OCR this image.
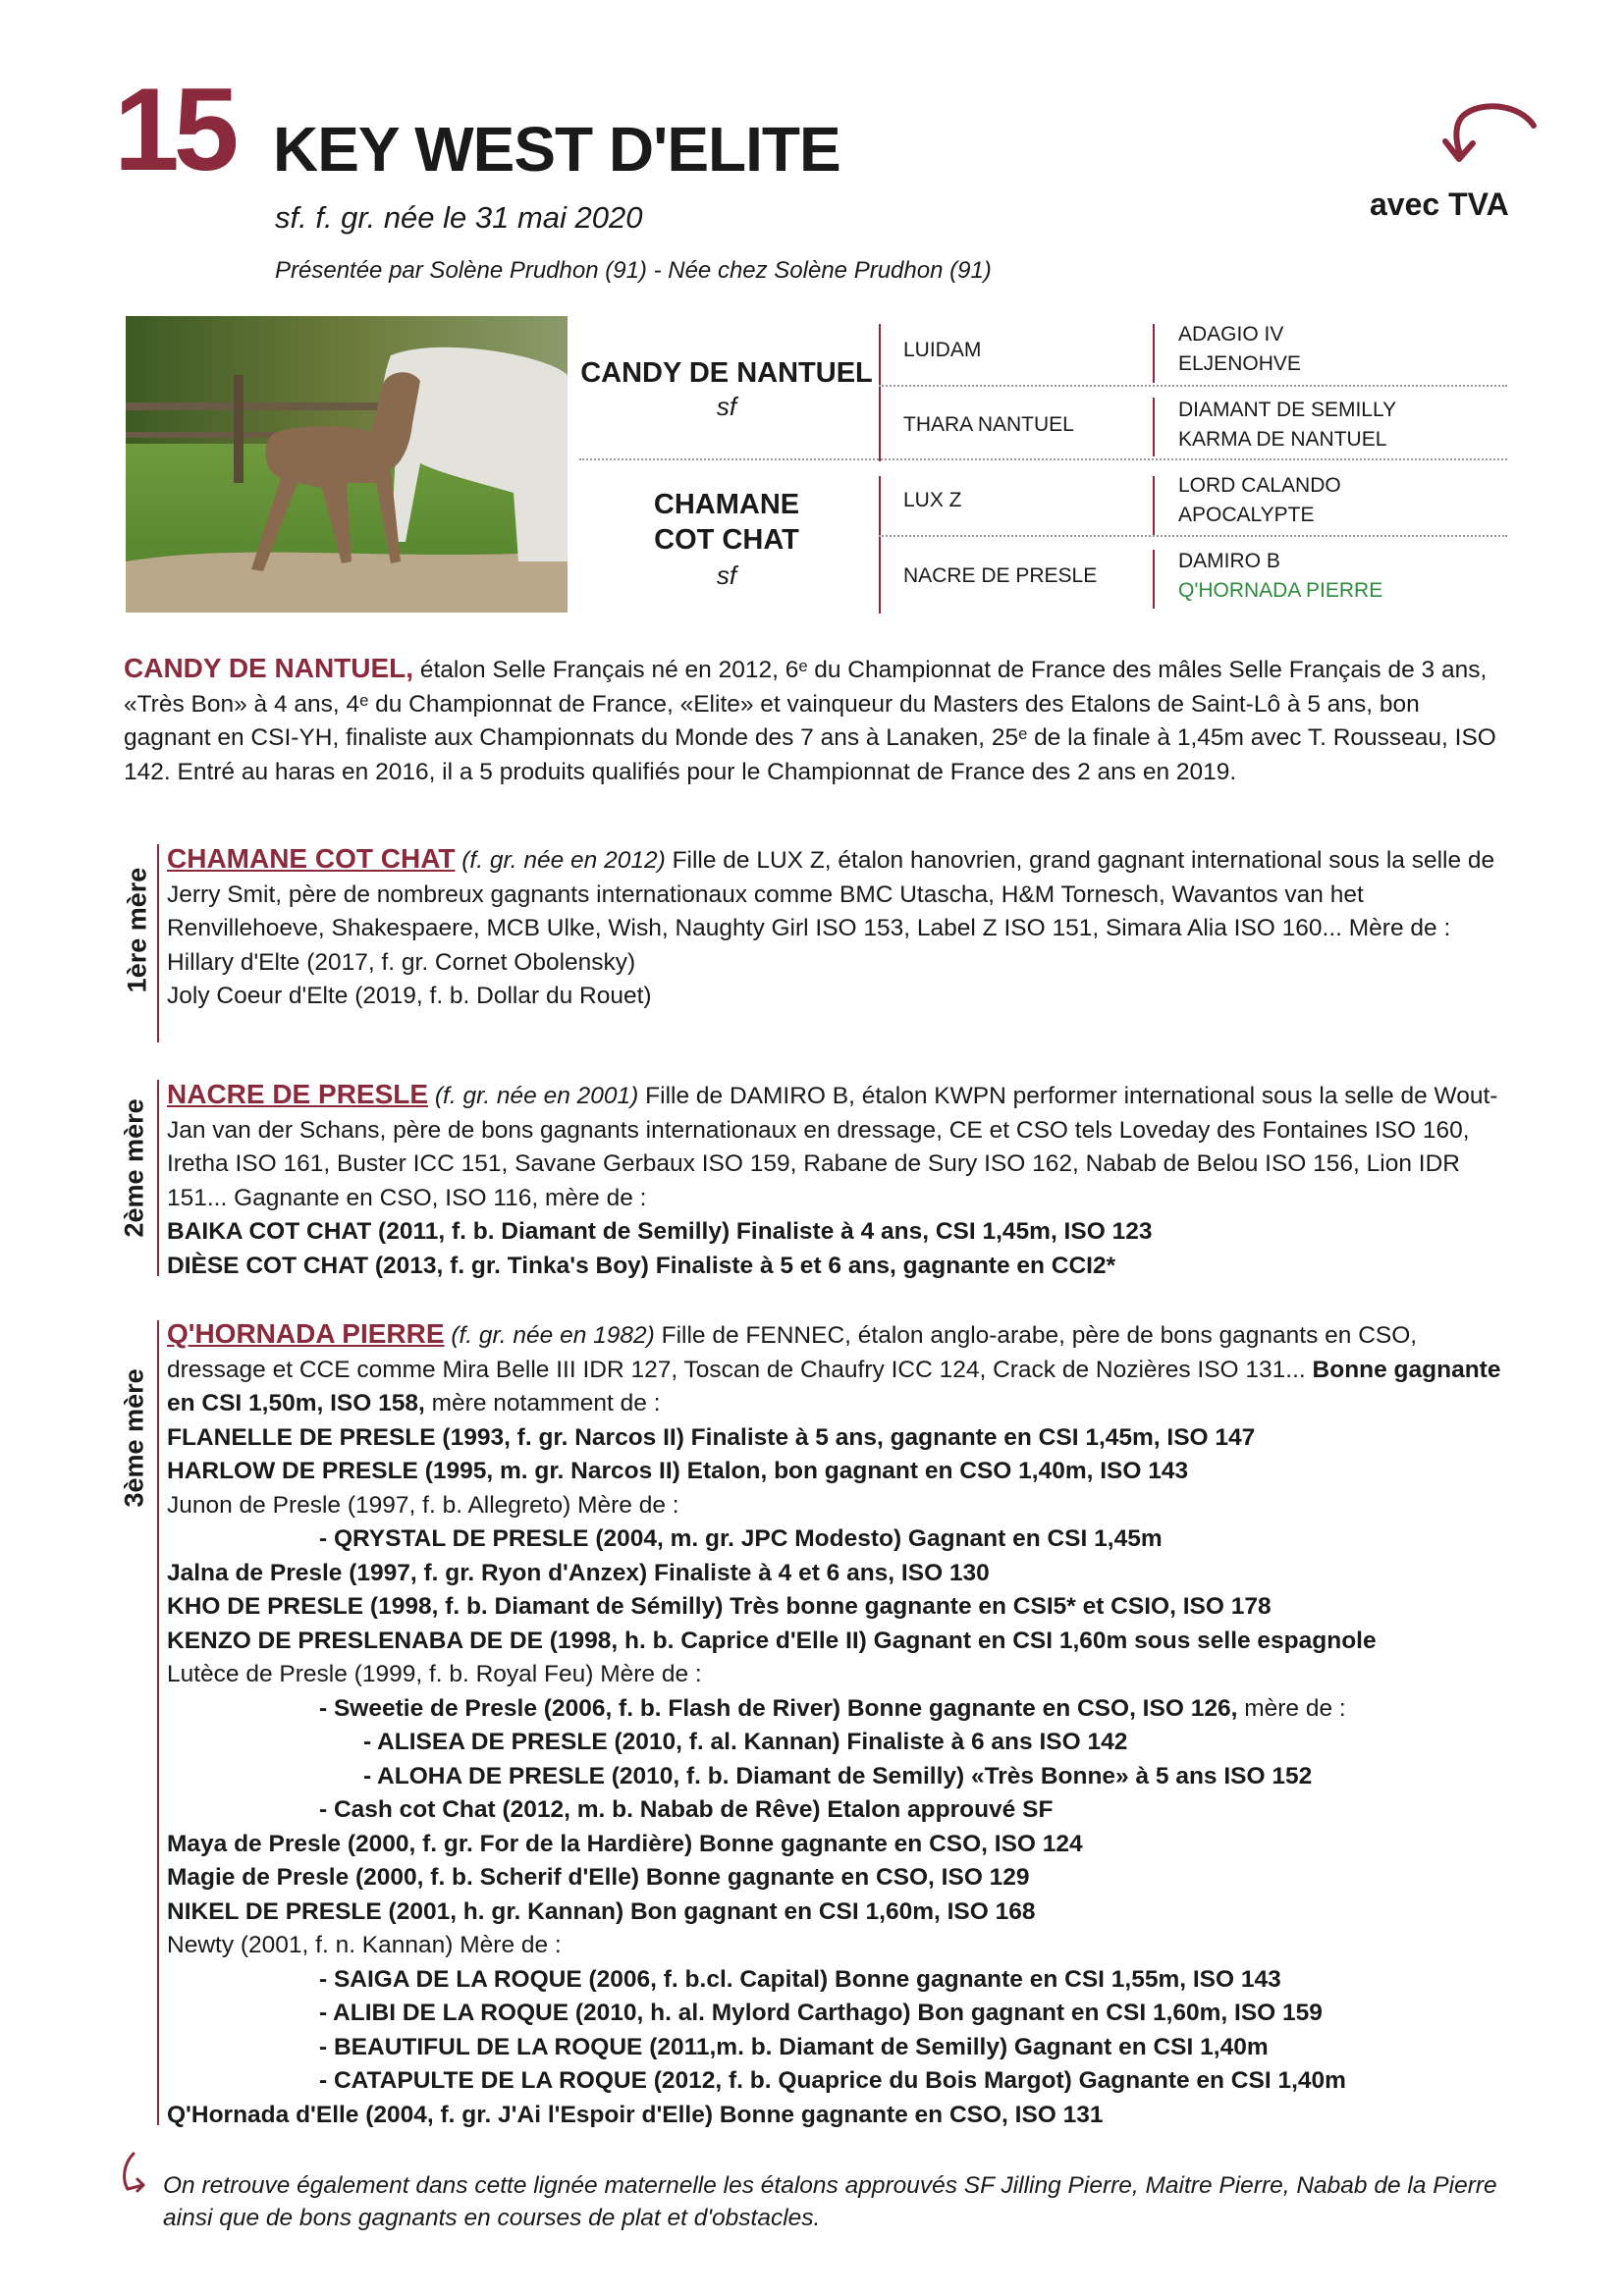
15 KEY WEST D'ELITE
sf. f. gr. née le 31 mai 2020
Présentée par Solène Prudhon (91) - Née chez Solène Prudhon (91)
avec TVA
CANDY DE NANTUEL
sf
CHAMANE
COT CHAT
sf
LUIDAM
THARA NANTUEL
LUX Z
NACRE DE PRESLE
ADAGIO IV
ELJENOHVE
DIAMANT DE SEMILLY
KARMA DE NANTUEL
LORD CALANDO
APOCALYPTE
DAMIRO B
Q'HORNADA PIERRE
CANDY DE NANTUEL, étalon Selle Français né en 2012, 6ᵉ du Championnat de France des mâles Selle Français de 3 ans, «Très Bon» à 4 ans, 4ᵉ du Championnat de France, «Elite» et vainqueur du Masters des Etalons de Saint-Lô à 5 ans, bon gagnant en CSI-YH, finaliste aux Championnats du Monde des 7 ans à Lanaken, 25ᵉ de la finale à 1,45m avec T. Rousseau, ISO 142. Entré au haras en 2016, il a 5 produits qualifiés pour le Championnat de France des 2 ans en 2019.
1ère mère

CHAMANE COT CHAT (f. gr. née en 2012) Fille de LUX Z, étalon hanovrien, grand gagnant international sous la selle de Jerry Smit, père de nombreux gagnants internationaux comme BMC Utascha, H&M Tornesch, Wavantos van het Renvillehoeve, Shakespaere, MCB Ulke, Wish, Naughty Girl ISO 153, Label Z ISO 151, Simara Alia ISO 160... Mère de :

Hillary d'Elte (2017, f. gr. Cornet Obolensky)

Joly Coeur d'Elte (2019, f. b. Dollar du Rouet)

2ème mère

NACRE DE PRESLE (f. gr. née en 2001) Fille de DAMIRO B, étalon KWPN performer international sous la selle de Wout-Jan van der Schans, père de bons gagnants internationaux en dressage, CE et CSO tels Loveday des Fontaines ISO 160, Iretha ISO 161, Buster ICC 151, Savane Gerbaux ISO 159, Rabane de Sury ISO 162, Nabab de Belou ISO 156, Lion IDR 151... Gagnante en CSO, ISO 116, mère de :

BAIKA COT CHAT (2011, f. b. Diamant de Semilly) Finaliste à 4 ans, CSI 1,45m, ISO 123

DIÈSE COT CHAT (2013, f. gr. Tinka's Boy) Finaliste à 5 et 6 ans, gagnante en CCI2*

3ème mère

Q'HORNADA PIERRE (f. gr. née en 1982) Fille de FENNEC, étalon anglo-arabe, père de bons gagnants en CSO, dressage et CCE comme Mira Belle III IDR 127, Toscan de Chaufry ICC 124, Crack de Nozières ISO 131... Bonne gagnante en CSI 1,50m, ISO 158, mère notamment de :

FLANELLE DE PRESLE (1993, f. gr. Narcos II) Finaliste à 5 ans, gagnante en CSI 1,45m, ISO 147

HARLOW DE PRESLE (1995, m. gr. Narcos II) Etalon, bon gagnant en CSO 1,40m, ISO 143

Junon de Presle (1997, f. b. Allegreto) Mère de :

- QRYSTAL DE PRESLE (2004, m. gr. JPC Modesto) Gagnant en CSI 1,45m

Jalna de Presle (1997, f. gr. Ryon d'Anzex) Finaliste à 4 et 6 ans, ISO 130

KHO DE PRESLE (1998, f. b. Diamant de Sémilly) Très bonne gagnante en CSI5* et CSIO, ISO 178

KENZO DE PRESLENABA DE DE (1998, h. b. Caprice d'Elle II) Gagnant en CSI 1,60m sous selle espagnole

Lutèce de Presle (1999, f. b. Royal Feu) Mère de :

- Sweetie de Presle (2006, f. b. Flash de River) Bonne gagnante en CSO, ISO 126, mère de :

- ALISEA DE PRESLE (2010, f. al. Kannan) Finaliste à 6 ans ISO 142

- ALOHA DE PRESLE (2010, f. b. Diamant de Semilly) «Très Bonne» à 5 ans ISO 152

- Cash cot Chat (2012, m. b. Nabab de Rêve) Etalon approuvé SF

Maya de Presle (2000, f. gr. For de la Hardière) Bonne gagnante en CSO, ISO 124

Magie de Presle (2000, f. b. Scherif d'Elle) Bonne gagnante en CSO, ISO 129

NIKEL DE PRESLE (2001, h. gr. Kannan) Bon gagnant en CSI 1,60m, ISO 168

Newty (2001, f. n. Kannan) Mère de :

- SAIGA DE LA ROQUE (2006, f. b.cl. Capital) Bonne gagnante en CSI 1,55m, ISO 143

- ALIBI DE LA ROQUE (2010, h. al. Mylord Carthago) Bon gagnant en CSI 1,60m, ISO 159

- BEAUTIFUL DE LA ROQUE (2011,m. b. Diamant de Semilly) Gagnant en CSI 1,40m

- CATAPULTE DE LA ROQUE (2012, f. b. Quaprice du Bois Margot) Gagnante en CSI 1,40m

Q'Hornada d'Elle (2004, f. gr. J'Ai l'Espoir d'Elle) Bonne gagnante en CSO, ISO 131

On retrouve également dans cette lignée maternelle les étalons approuvés SF Jilling Pierre, Maitre Pierre, Nabab de la Pierre ainsi que de bons gagnants en courses de plat et d'obstacles.
